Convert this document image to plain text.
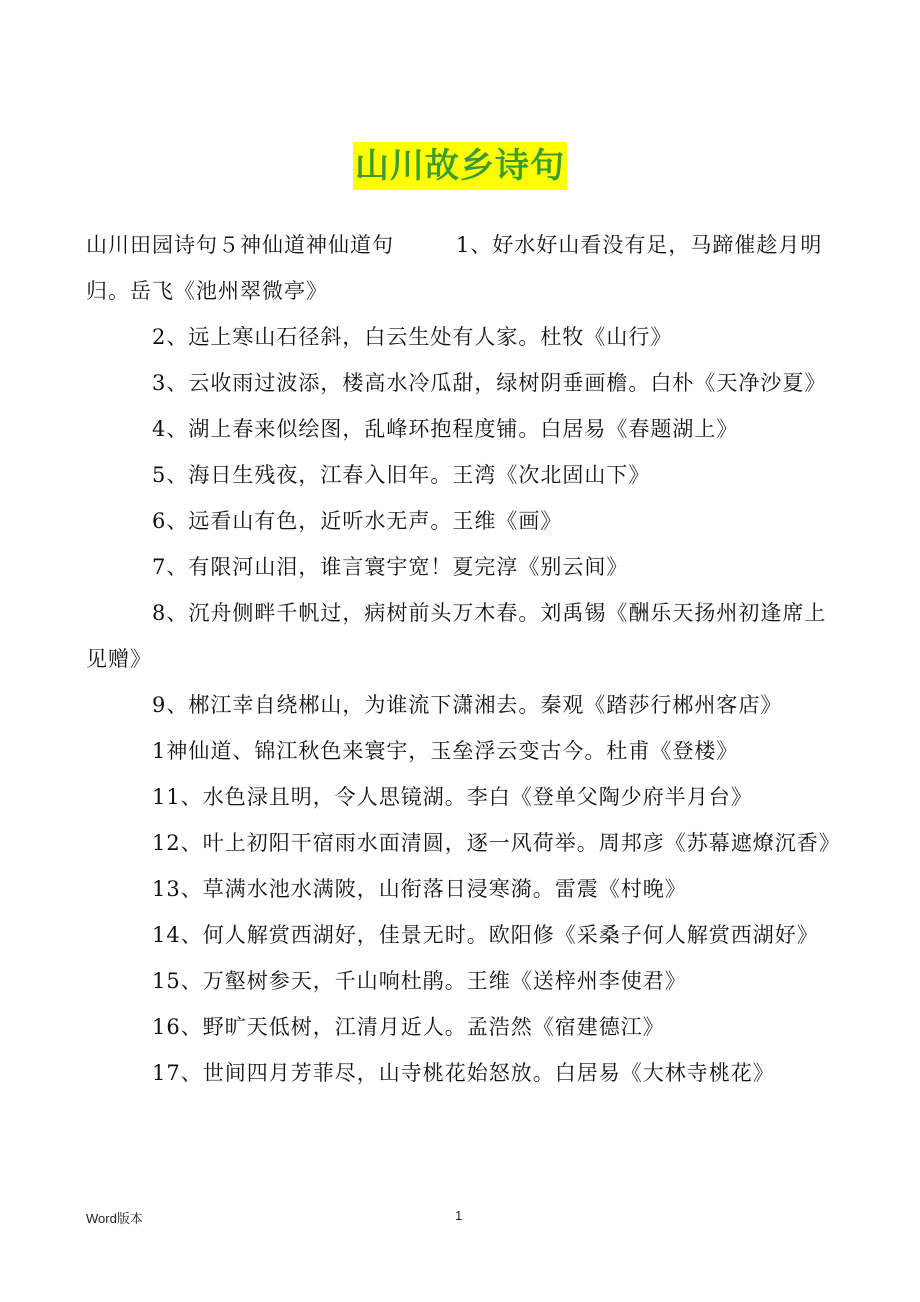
山川故乡诗句

山川田园诗句５神仙道神仙道句	1、好水好山看没有足，马蹄催趁月明归。岳飞《池州翠微亭》

2、远上寒山石径斜，白云生处有人家。杜牧《山行》

3、云收雨过波添，楼高水冷瓜甜，绿树阴垂画檐。白朴《天净沙夏》

4、湖上春来似绘图，乱峰环抱程度铺。白居易《春题湖上》

5、海日生残夜，江春入旧年。王湾《次北固山下》

6、远看山有色，近听水无声。王维《画》

7、有限河山泪，谁言寰宇宽！夏完淳《别云间》

8、沉舟侧畔千帆过，病树前头万木春。刘禹锡《酬乐天扬州初逢席上见赠》

9、郴江幸自绕郴山，为谁流下潇湘去。秦观《踏莎行郴州客店》

1神仙道、锦江秋色来寰宇，玉垒浮云变古今。杜甫《登楼》

11、水色渌且明，令人思镜湖。李白《登单父陶少府半月台》

12、叶上初阳干宿雨水面清圆，逐一风荷举。周邦彦《苏幕遮燎沉香》

13、草满水池水满陂，山衔落日浸寒漪。雷震《村晚》

14、何人解赏西湖好，佳景无时。欧阳修《采桑子何人解赏西湖好》

15、万壑树参天，千山响杜鹃。王维《送梓州李使君》

16、野旷天低树，江清月近人。孟浩然《宿建德江》

17、世间四月芳菲尽，山寺桃花始怒放。白居易《大林寺桃花》

Word版本	1
